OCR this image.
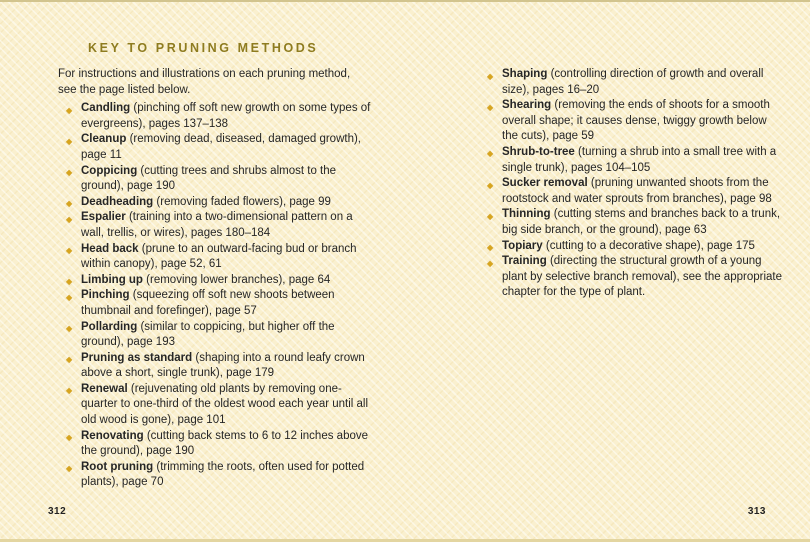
KEY TO PRUNING METHODS

For instructions and illustrations on each pruning method, see the page listed below.

◆ Candling (pinching off soft new growth on some types of evergreens), pages 137–138
◆ Cleanup (removing dead, diseased, damaged growth), page 11
◆ Coppicing (cutting trees and shrubs almost to the ground), page 190
◆ Deadheading (removing faded flowers), page 99
◆ Espalier (training into a two-dimensional pattern on a wall, trellis, or wires), pages 180–184
◆ Head back (prune to an outward-facing bud or branch within canopy), page 52, 61
◆ Limbing up (removing lower branches), page 64
◆ Pinching (squeezing off soft new shoots between thumbnail and forefinger), page 57
◆ Pollarding (similar to coppicing, but higher off the ground), page 193
◆ Pruning as standard (shaping into a round leafy crown above a short, single trunk), page 179
◆ Renewal (rejuvenating old plants by removing one-quarter to one-third of the oldest wood each year until all old wood is gone), page 101
◆ Renovating (cutting back stems to 6 to 12 inches above the ground), page 190
◆ Root pruning (trimming the roots, often used for potted plants), page 70
312
◆ Shaping (controlling direction of growth and overall size), pages 16–20
◆ Shearing (removing the ends of shoots for a smooth overall shape; it causes dense, twiggy growth below the cuts), page 59
◆ Shrub-to-tree (turning a shrub into a small tree with a single trunk), pages 104–105
◆ Sucker removal (pruning unwanted shoots from the rootstock and water sprouts from branches), page 98
◆ Thinning (cutting stems and branches back to a trunk, big side branch, or the ground), page 63
◆ Topiary (cutting to a decorative shape), page 175
◆ Training (directing the structural growth of a young plant by selective branch removal), see the appropriate chapter for the type of plant.
313
